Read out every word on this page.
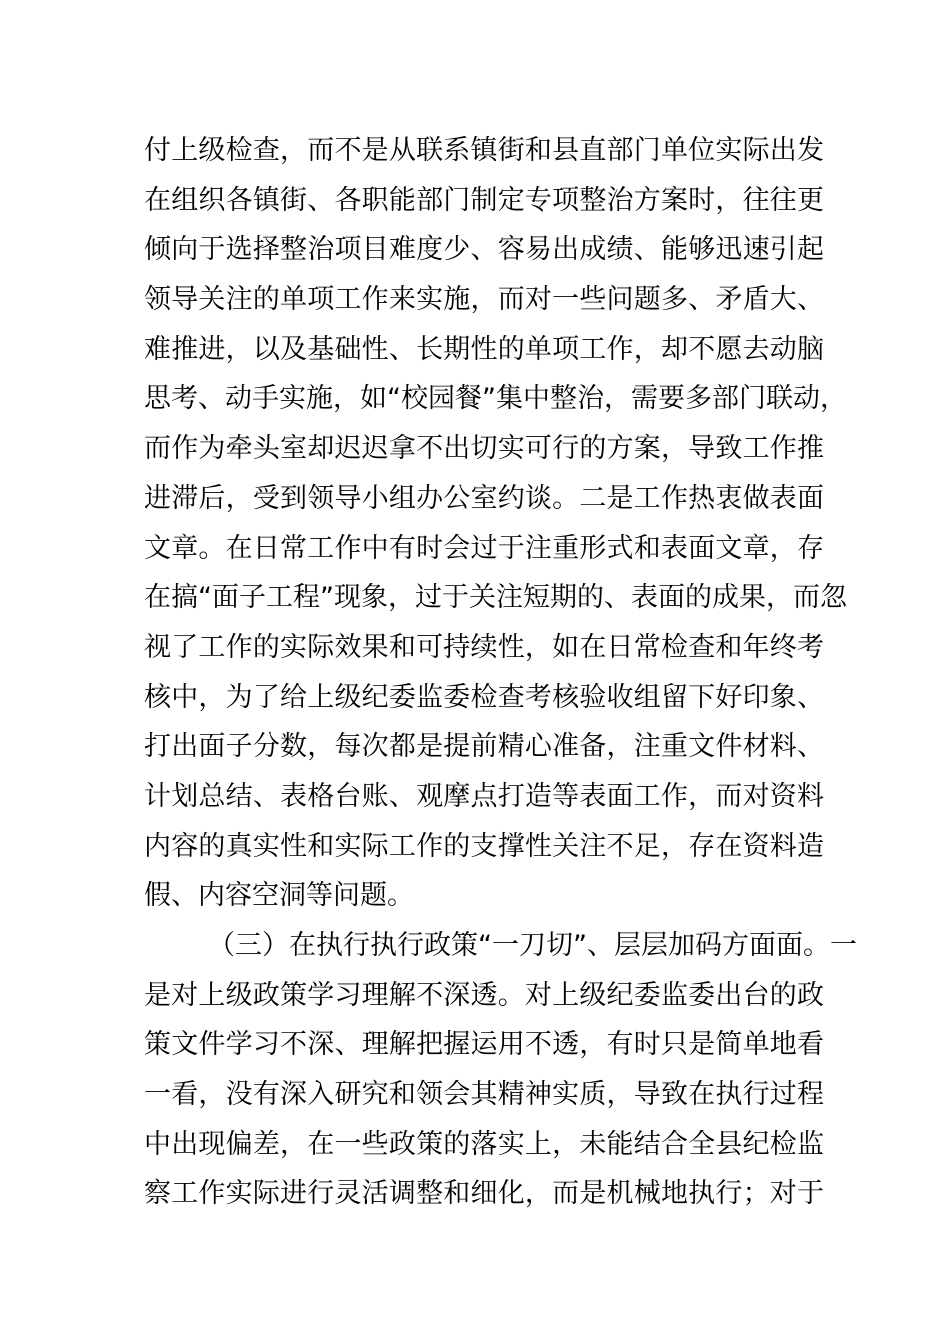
付上级检查，而不是从联系镇街和县直部门单位实际出发
在组织各镇街、各职能部门制定专项整治方案时，往往更
倾向于选择整治项目难度少、容易出成绩、能够迅速引起
领导关注的单项工作来实施，而对一些问题多、矛盾大、
难推进，以及基础性、长期性的单项工作，却不愿去动脑
思考、动手实施，如“校园餐”集中整治，需要多部门联动，
而作为牵头室却迟迟拿不出切实可行的方案，导致工作推
进滞后，受到领导小组办公室约谈。二是工作热衷做表面
文章。在日常工作中有时会过于注重形式和表面文章，存
在搞“面子工程”现象，过于关注短期的、表面的成果，而忽
视了工作的实际效果和可持续性，如在日常检查和年终考
核中，为了给上级纪委监委检查考核验收组留下好印象、
打出面子分数，每次都是提前精心准备，注重文件材料、
计划总结、表格台账、观摩点打造等表面工作，而对资料
内容的真实性和实际工作的支撑性关注不足，存在资料造
假、内容空洞等问题。
（三）在执行执行政策“一刀切”、层层加码方面面。一
是对上级政策学习理解不深透。对上级纪委监委出台的政
策文件学习不深、理解把握运用不透，有时只是简单地看
一看，没有深入研究和领会其精神实质，导致在执行过程
中出现偏差，在一些政策的落实上，未能结合全县纪检监
察工作实际进行灵活调整和细化，而是机械地执行；对于
